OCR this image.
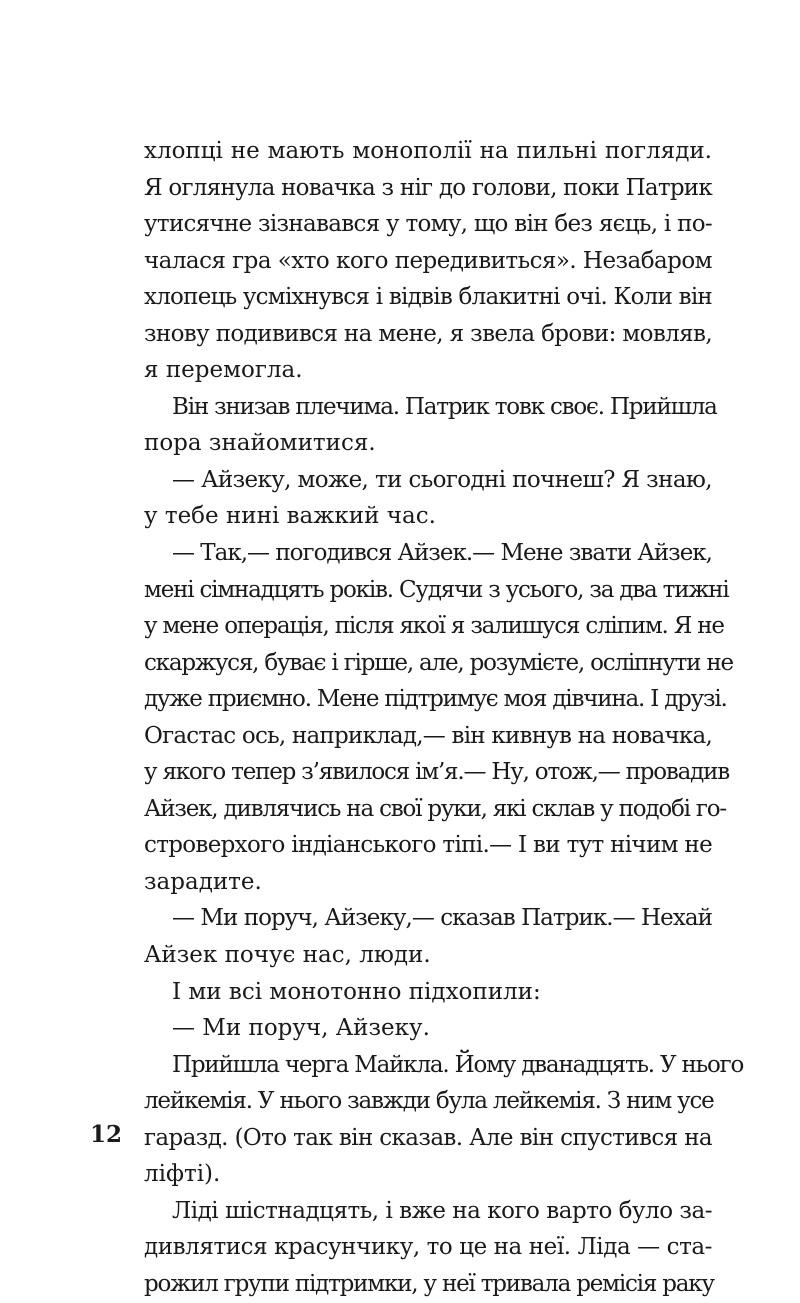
хлопці не мають монополії на пильні погляди.
Я оглянула новачка з ніг до голови, поки Патрик
утисячне зізнавався у тому, що він без яєць, і по-
чалася гра «хто кого передивиться». Незабаром
хлопець усміхнувся і відвів блакитні очі. Коли він
знову подивився на мене, я звела брови: мовляв,
я перемогла.
Він знизав плечима. Патрик товк своє. Прийшла
пора знайомитися.
— Айзеку, може, ти сьогодні почнеш? Я знаю,
у тебе нині важкий час.
— Так,— погодився Айзек.— Мене звати Айзек,
мені сімнадцять років. Судячи з усього, за два тижні
у мене операція, після якої я залишуся сліпим. Я не
скаржуся, буває і гірше, але, розумієте, осліпнути не
дуже приємно. Мене підтримує моя дівчина. І друзі.
Огастас ось, наприклад,— він кивнув на новачка,
у якого тепер з’явилося ім’я.— Ну, отож,— провадив
Айзек, дивлячись на свої руки, які склав у подобі го-
строверхого індіанського тіпі.— І ви тут нічим не
зарадите.
— Ми поруч, Айзеку,— сказав Патрик.— Нехай
Айзек почує нас, люди.
І ми всі монотонно підхопили:
— Ми поруч, Айзеку.
Прийшла черга Майкла. Йому дванадцять. У нього
лейкемія. У нього завжди була лейкемія. З ним усе
гаразд. (Ото так він сказав. Але він спустився на
ліфті).
Ліді шістнадцять, і вже на кого варто було за-
дивлятися красунчику, то це на неї. Ліда — ста-
рожил групи підтримки, у неї тривала ремісія раку
12
